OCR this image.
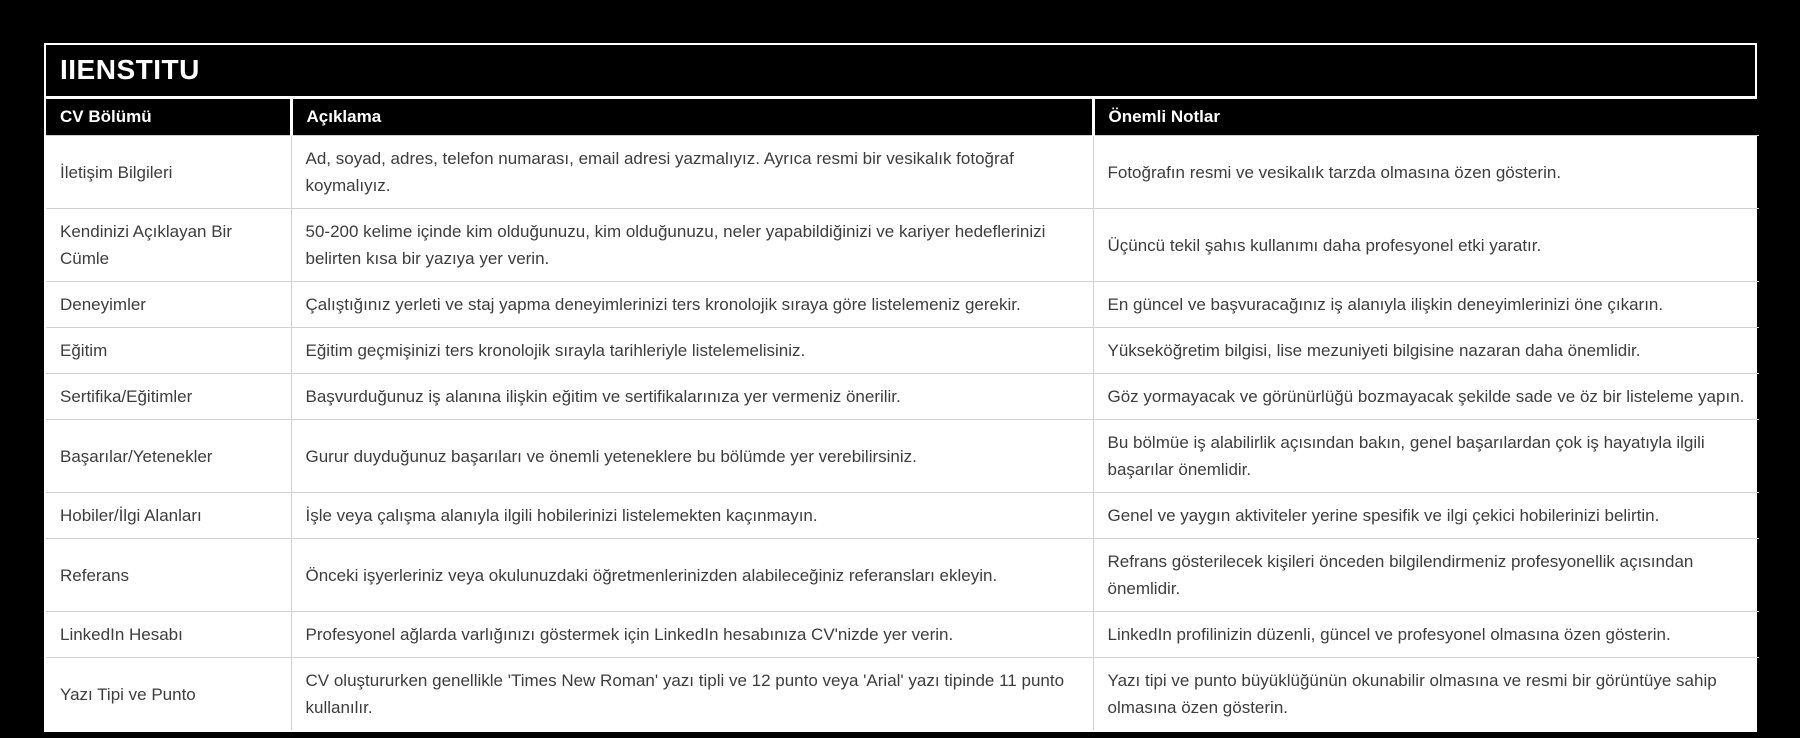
IIENSTITU
CV Bölümü	Açıklama	Önemli Notlar
İletişim Bilgileri	Ad, soyad, adres, telefon numarası, email adresi yazmalıyız. Ayrıca resmi bir vesikalık fotoğraf koymalıyız.	Fotoğrafın resmi ve vesikalık tarzda olmasına özen gösterin.
Kendinizi Açıklayan Bir Cümle	50-200 kelime içinde kim olduğunuzu, kim olduğunuzu, neler yapabildiğinizi ve kariyer hedeflerinizi belirten kısa bir yazıya yer verin.	Üçüncü tekil şahıs kullanımı daha profesyonel etki yaratır.
Deneyimler	Çalıştığınız yerleti ve staj yapma deneyimlerinizi ters kronolojik sıraya göre listelemeniz gerekir.	En güncel ve başvuracağınız iş alanıyla ilişkin deneyimlerinizi öne çıkarın.
Eğitim	Eğitim geçmişinizi ters kronolojik sırayla tarihleriyle listelemelisiniz.	Yükseköğretim bilgisi, lise mezuniyeti bilgisine nazaran daha önemlidir.
Sertifika/Eğitimler	Başvurduğunuz iş alanına ilişkin eğitim ve sertifikalarınıza yer vermeniz önerilir.	Göz yormayacak ve görünürlüğü bozmayacak şekilde sade ve öz bir listeleme yapın.
Başarılar/Yetenekler	Gurur duyduğunuz başarıları ve önemli yeteneklere bu bölümde yer verebilirsiniz.	Bu bölmüe iş alabilirlik açısından bakın, genel başarılardan çok iş hayatıyla ilgili başarılar önemlidir.
Hobiler/İlgi Alanları	İşle veya çalışma alanıyla ilgili hobilerinizi listelemekten kaçınmayın.	Genel ve yaygın aktiviteler yerine spesifik ve ilgi çekici hobilerinizi belirtin.
Referans	Önceki işyerleriniz veya okulunuzdaki öğretmenlerinizden alabileceğiniz referansları ekleyin.	Refrans gösterilecek kişileri önceden bilgilendirmeniz profesyonellik açısından önemlidir.
LinkedIn Hesabı	Profesyonel ağlarda varlığınızı göstermek için LinkedIn hesabınıza CV'nizde yer verin.	LinkedIn profilinizin düzenli, güncel ve profesyonel olmasına özen gösterin.
Yazı Tipi ve Punto	CV oluştururken genellikle 'Times New Roman' yazı tipli ve 12 punto veya 'Arial' yazı tipinde 11 punto kullanılır.	Yazı tipi ve punto büyüklüğünün okunabilir olmasına ve resmi bir görüntüye sahip olmasına özen gösterin.
